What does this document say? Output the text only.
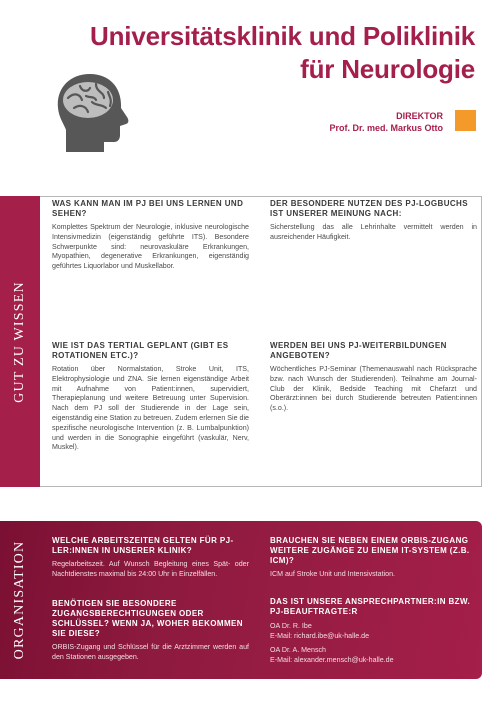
Universitätsklinik und Poliklinik
für Neurologie
DIREKTOR
Prof. Dr. med. Markus Otto
GUT ZU WISSEN

WAS KANN MAN IM PJ BEI UNS LERNEN UND SEHEN?

Komplettes Spektrum der Neurologie, inklusive neurologische Intensivmedizin (eigenständig geführte ITS). Besondere Schwerpunkte sind: neurovaskuläre Erkrankungen, Myopathien, degenerative Erkrankungen, eigenständig geführtes Liquorlabor und Muskellabor.

DER BESONDERE NUTZEN DES PJ-LOGBUCHS IST UNSERER MEINUNG NACH:

Sicherstellung das alle Lehrinhalte vermittelt werden in ausreichender Häufigkeit.

WIE IST DAS TERTIAL GEPLANT (GIBT ES ROTATIONEN ETC.)?

Rotation über Normalstation, Stroke Unit, ITS, Elektrophysiologie und ZNA. Sie lernen eigenständige Arbeit mit Aufnahme von Patient:innen, supervidiert, Therapieplanung und weitere Betreuung unter Supervision. Nach dem PJ soll der Studierende in der Lage sein, eigenständig eine Station zu betreuen. Zudem erlernen Sie die spezifische neurologische Intervention (z. B. Lumbalpunktion) und werden in die Sonographie eingeführt (vaskulär, Nerv, Muskel).

WERDEN BEI UNS PJ-WEITERBILDUNGEN ANGEBOTEN?

Wöchentliches PJ-Seminar (Themenauswahl nach Rücksprache bzw. nach Wunsch der Studierenden). Teilnahme am Journal-Club der Klinik, Bedside Teaching mit Chefarzt und Oberärzt:innen bei durch Studierende betreuten Patient:innen (s.o.).

ORGANISATION

WELCHE ARBEITSZEITEN GELTEN FÜR PJ-LER:INNEN IN UNSERER KLINIK?

Regelarbeitszeit. Auf Wunsch Begleitung eines Spät- oder Nachtdienstes maximal bis 24:00 Uhr in Einzelfällen.

BENÖTIGEN SIE BESONDERE ZUGANGSBERECHTIGUNGEN ODER SCHLÜSSEL? WENN JA, WOHER BEKOMMEN SIE DIESE?

ORBIS-Zugang und Schlüssel für die Arztzimmer werden auf den Stationen ausgegeben.

BRAUCHEN SIE NEBEN EINEM ORBIS-ZUGANG WEITERE ZUGÄNGE ZU EINEM IT-SYSTEM (Z.B. ICM)?

ICM auf Stroke Unit und Intensivstation.

DAS IST UNSERE ANSPRECHPARTNER:IN BZW. PJ-BEAUFTRAGTE:R

OA Dr. R. Ibe

E-Mail: richard.ibe@uk-halle.de

OA Dr. A. Mensch

E-Mail: alexander.mensch@uk-halle.de
